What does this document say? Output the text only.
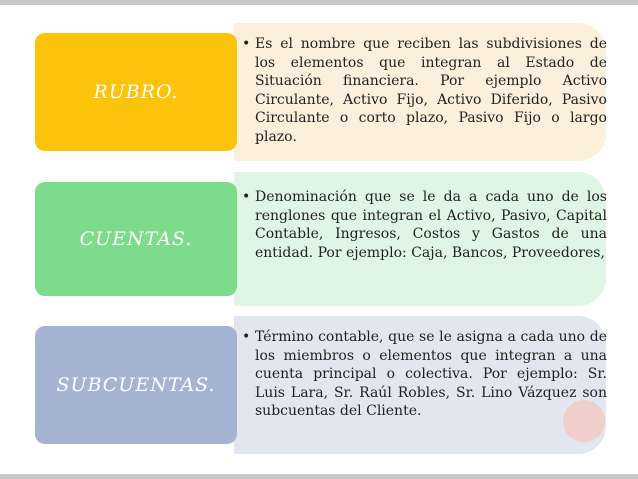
RUBRO.

• Es el nombre que reciben las subdivisiones de los elementos que integran al Estado de Situación financiera. Por ejemplo Activo Circulante, Activo Fijo, Activo Diferido, Pasivo Circulante o corto plazo, Pasivo Fijo o largo plazo.

CUENTAS.

• Denominación que se le da a cada uno de los renglones que integran el Activo, Pasivo, Capital Contable, Ingresos, Costos y Gastos de una entidad. Por ejemplo: Caja, Bancos, Proveedores,

SUBCUENTAS.

• Término contable, que se le asigna a cada uno de los miembros o elementos que integran a una cuenta principal o colectiva. Por ejemplo: Sr. Luis Lara, Sr. Raúl Robles, Sr. Lino Vázquez son subcuentas del Cliente.
